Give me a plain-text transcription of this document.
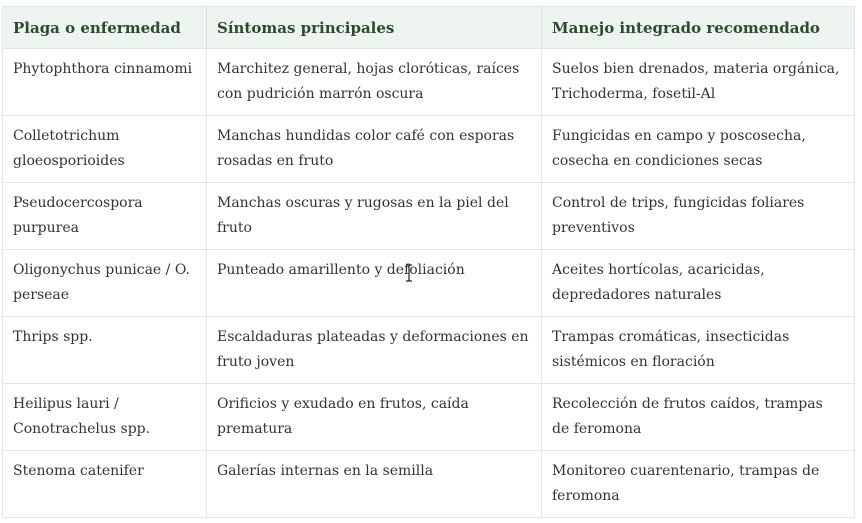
Plaga o enfermedad	Síntomas principales	Manejo integrado recomendado
Phytophthora cinnamomi	Marchitez general, hojas cloróticas, raíces con pudrición marrón oscura	Suelos bien drenados, materia orgánica, Trichoderma, fosetil-Al
Colletotrichum gloeosporioides	Manchas hundidas color café con esporas rosadas en fruto	Fungicidas en campo y poscosecha, cosecha en condiciones secas
Pseudocercospora purpurea	Manchas oscuras y rugosas en la piel del fruto	Control de trips, fungicidas foliares preventivos
Oligonychus punicae / O. perseae	Punteado amarillento y defoliación	Aceites hortícolas, acaricidas, depredadores naturales
Thrips spp.	Escaldaduras plateadas y deformaciones en fruto joven	Trampas cromáticas, insecticidas sistémicos en floración
Heilipus lauri / Conotrachelus spp.	Orificios y exudado en frutos, caída prematura	Recolección de frutos caídos, trampas de feromona
Stenoma catenifer	Galerías internas en la semilla	Monitoreo cuarentenario, trampas de feromona
